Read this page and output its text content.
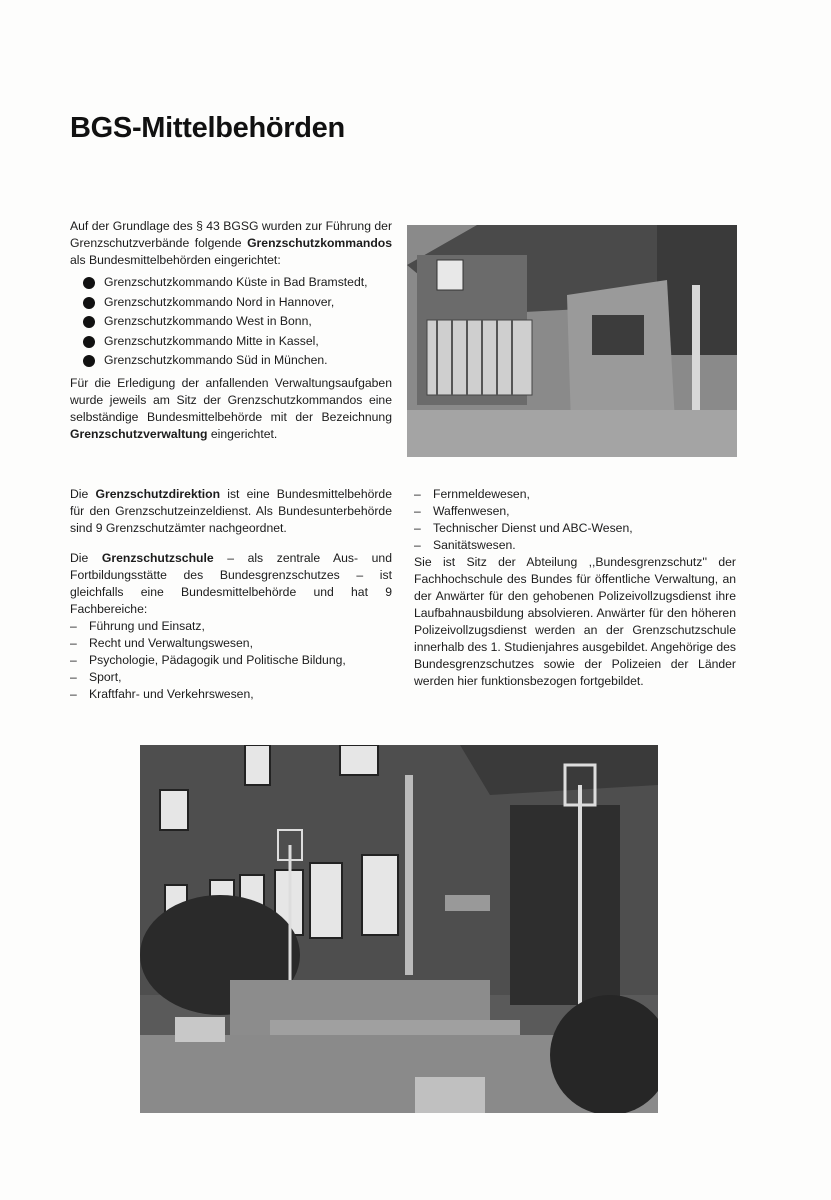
BGS-Mittelbehörden

Auf der Grundlage des § 43 BGSG wurden zur Führung der Grenzschutzverbände folgende Grenzschutzkommandos als Bundesmittelbehörden eingerichtet:

Grenzschutzkommando Küste in Bad Bramstedt,
Grenzschutzkommando Nord in Hannover,
Grenzschutzkommando West in Bonn,
Grenzschutzkommando Mitte in Kassel,
Grenzschutzkommando Süd in München.

Für die Erledigung der anfallenden Verwaltungsaufgaben wurde jeweils am Sitz der Grenzschutzkommandos eine selbständige Bundesmittelbehörde mit der Bezeichnung Grenzschutzverwaltung eingerichtet.

Die Grenzschutzdirektion ist eine Bundesmittelbehörde für den Grenzschutzeinzeldienst. Als Bundesunterbehörde sind 9 Grenzschutzämter nachgeordnet.

Die Grenzschutzschule – als zentrale Aus- und Fortbildungsstätte des Bundesgrenzschutzes – ist gleichfalls eine Bundesmittelbehörde und hat 9 Fachbereiche:

– Führung und Einsatz,
– Recht und Verwaltungswesen,
– Psychologie, Pädagogik und Politische Bildung,
– Sport,
– Kraftfahr- und Verkehrswesen,
– Fernmeldewesen,
– Waffenwesen,
– Technischer Dienst und ABC-Wesen,
– Sanitätswesen.

Sie ist Sitz der Abteilung ,,Bundesgrenzschutz'' der Fachhochschule des Bundes für öffentliche Verwaltung, an der Anwärter für den gehobenen Polizeivollzugsdienst ihre Laufbahnausbildung absolvieren. Anwärter für den höheren Polizeivollzugsdienst werden an der Grenzschutzschule innerhalb des 1. Studienjahres ausgebildet. Angehörige des Bundesgrenzschutzes sowie der Polizeien der Länder werden hier funktionsbezogen fortgebildet.
